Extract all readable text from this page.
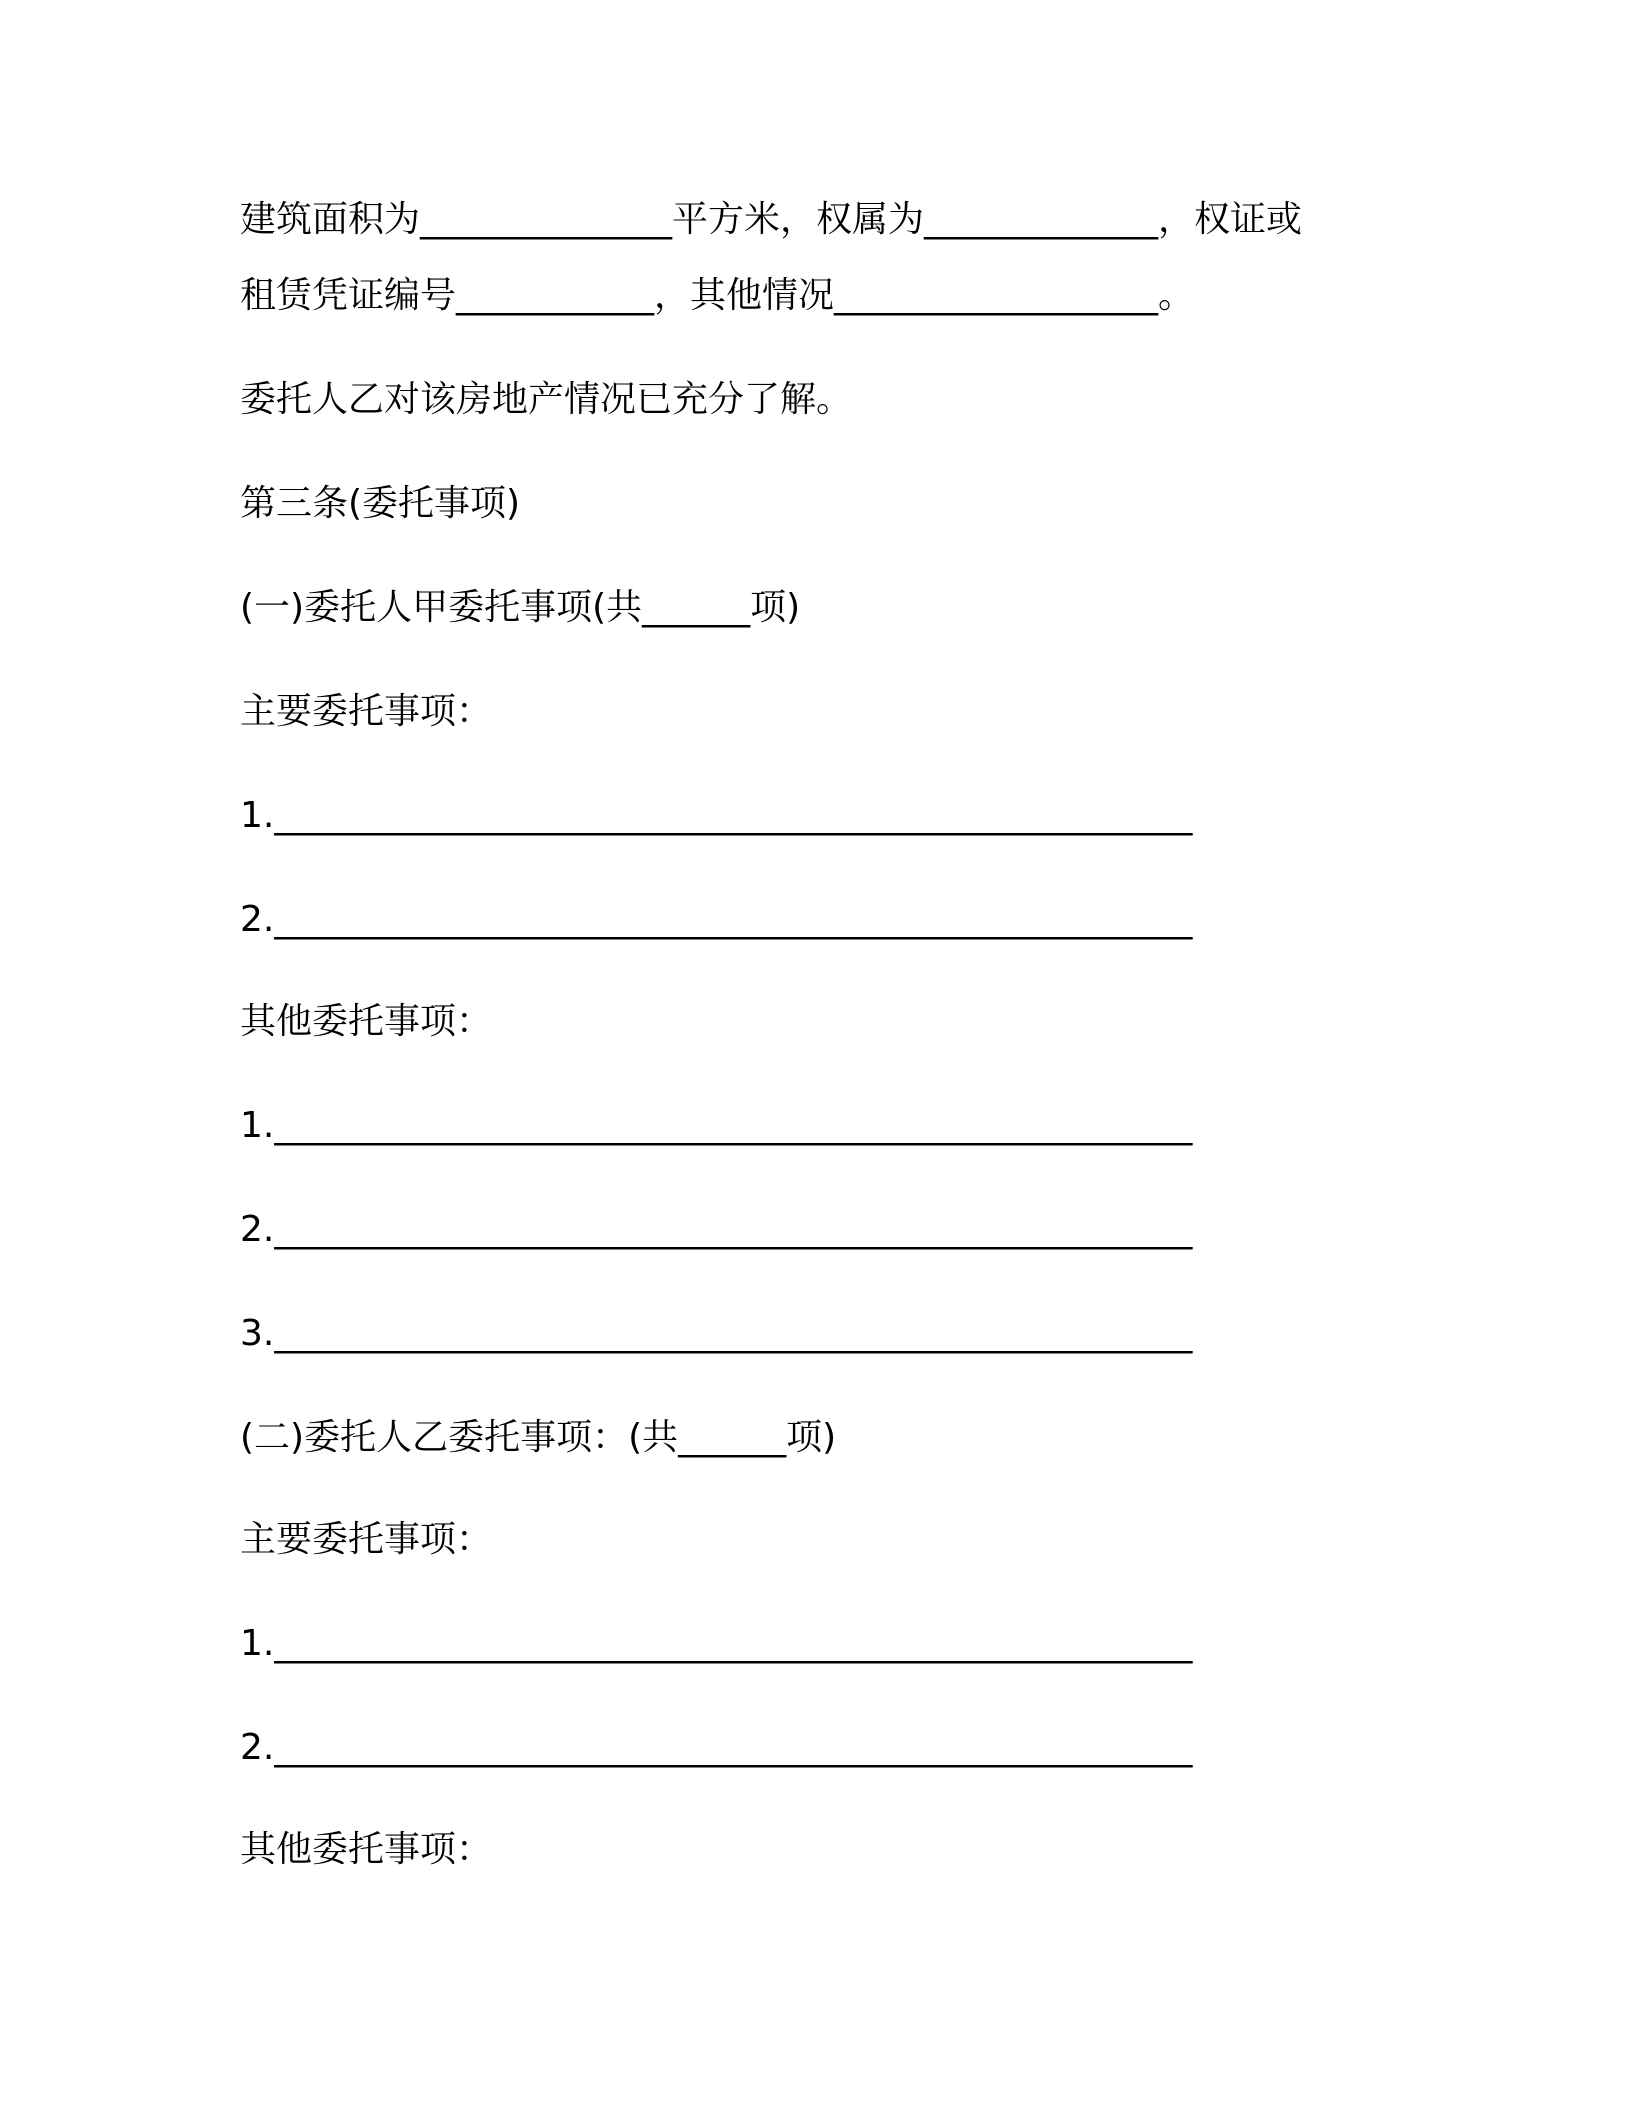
建筑面积为______________平方米，权属为_____________，权证或
租赁凭证编号___________，其他情况__________________。
委托人乙对该房地产情况已充分了解。
第三条(委托事项)
(一)委托人甲委托事项(共______项)
主要委托事项：
1.___________________________________________________
2.___________________________________________________
其他委托事项：
1.___________________________________________________
2.___________________________________________________
3.___________________________________________________
(二)委托人乙委托事项：(共______项)
主要委托事项：
1.___________________________________________________
2.___________________________________________________
其他委托事项：
